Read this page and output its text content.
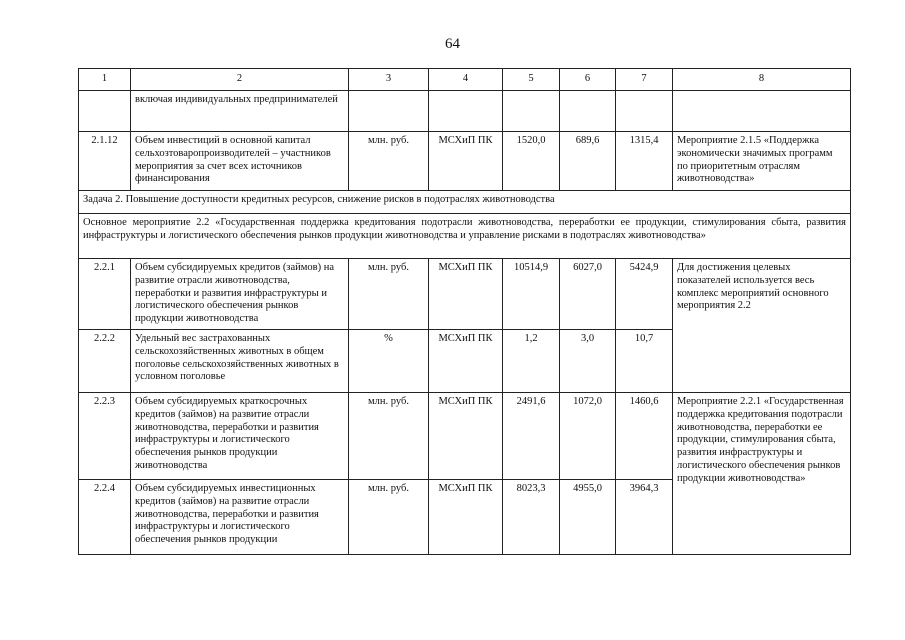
64
1	2	3	4	5	6	7	8
	включая индивидуальных предпринимателей						
2.1.12	Объем инвестиций в основной капитал сельхозтоваропроизводителей – участников мероприятия за счет всех источников финансирования	млн. руб.	МСХиП ПК	1520,0	689,6	1315,4	Мероприятие 2.1.5 «Поддержка экономически значимых программ по приоритетным отраслям животноводства»
Задача 2. Повышение доступности кредитных ресурсов, снижение рисков в подотраслях животноводства							
Основное мероприятие 2.2 «Государственная поддержка кредитования подотрасли животноводства, переработки ее продукции, стимулирования сбыта, развития инфраструктуры и логистического обеспечения рынков продукции животноводства и управление рисками в подотраслях животноводства»							
2.2.1	Объем субсидируемых кредитов (займов) на развитие отрасли животноводства, переработки и развития инфраструктуры и логистического обеспечения рынков продукции животноводства	млн. руб.	МСХиП ПК	10514,9	6027,0	5424,9	Для достижения целевых показателей используется весь комплекс мероприятий основного мероприятия 2.2
2.2.2	Удельный вес застрахованных сельскохозяйственных животных в общем поголовье сельскохозяйственных животных в условном поголовье	%	МСХиП ПК	1,2	3,0	10,7	
2.2.3	Объем субсидируемых краткосрочных кредитов (займов) на развитие отрасли животноводства, переработки и развития инфраструктуры и логистического обеспечения рынков продукции животноводства	млн. руб.	МСХиП ПК	2491,6	1072,0	1460,6	Мероприятие 2.2.1 «Государственная поддержка кредитования подотрасли животноводства, переработки ее продукции, стимулирования сбыта, развития инфраструктуры и логистического обеспечения рынков продукции животноводства»
2.2.4	Объем субсидируемых инвестиционных кредитов (займов) на развитие отрасли животноводства, переработки и развития инфраструктуры и логистического обеспечения рынков продукции	млн. руб.	МСХиП ПК	8023,3	4955,0	3964,3	
